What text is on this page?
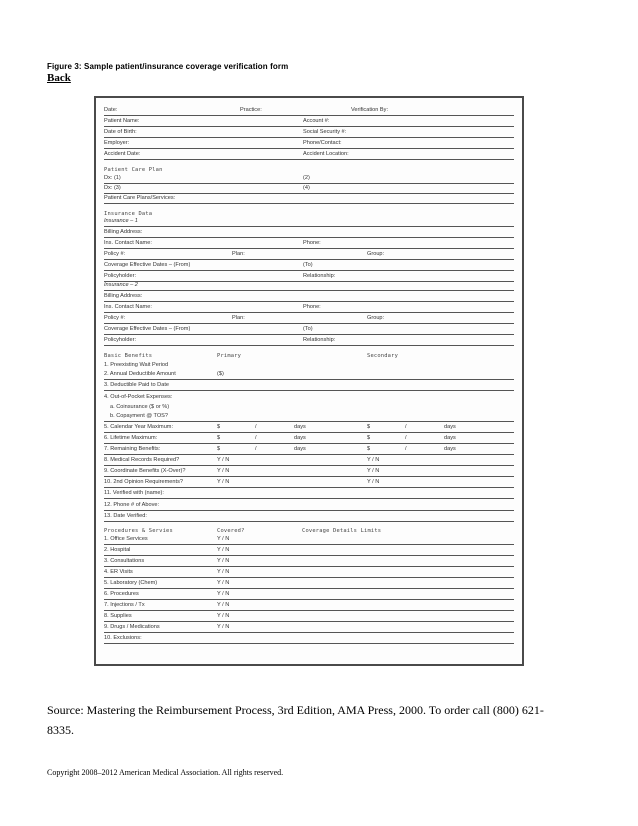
Figure 3: Sample patient/insurance coverage verification form
Back
Date:	Practice:	Verification By:
Patient Name:	Account #:
Date of Birth:	Social Security #:
Employer:	Phone/Contact:
Accident Date:	Accident Location:
Patient Care Plan
Dx: (1)	(2)
Dx: (3)	(4)
Patient Care Plans/Services:
Insurance Data
Insurance – 1
Billing Address:
Ins. Contact Name:	Phone:
Policy #:	Plan:	Group:
Coverage Effective Dates – (From)	(To)
Policyholder:	Relationship:
Insurance – 2
Billing Address:
Ins. Contact Name:	Phone:
Policy #:	Plan:	Group:
Coverage Effective Dates – (From)	(To)
Policyholder:	Relationship:
Basic Benefits	Primary	Secondary
1. Preexisting Wait Period
2. Annual Deductible Amount	($)
3. Deductible Paid to Date
4. Out-of-Pocket Expenses:
a. Coinsurance ($ or %)
b. Copayment @ TOS?
5. Calendar Year Maximum:	$	/	days	$	/	days
6. Lifetime Maximum:	$	/	days	$	/	days
7. Remaining Benefits:	$	/	days	$	/	days
8. Medical Records Required?	Y / N	Y / N
9. Coordinate Benefits (X-Over)?	Y / N	Y / N
10. 2nd Opinion Requirements?	Y / N	Y / N
11. Verified with (name):
12. Phone # of Above:
13. Date Verified:
Procedures & Servies	Covered?	Coverage Details Limits
1. Office Services	Y / N
2. Hospital	Y / N
3. Consultations	Y / N
4. ER Visits	Y / N
5. Laboratory (Chem)	Y / N
6. Procedures	Y / N
7. Injections / Tx	Y / N
8. Supplies	Y / N
9. Drugs / Medications	Y / N
10. Exclusions:
Source: Mastering the Reimbursement Process, 3rd Edition, AMA Press, 2000. To order call (800) 621-8335.
Copyright 2008–2012 American Medical Association. All rights reserved.
